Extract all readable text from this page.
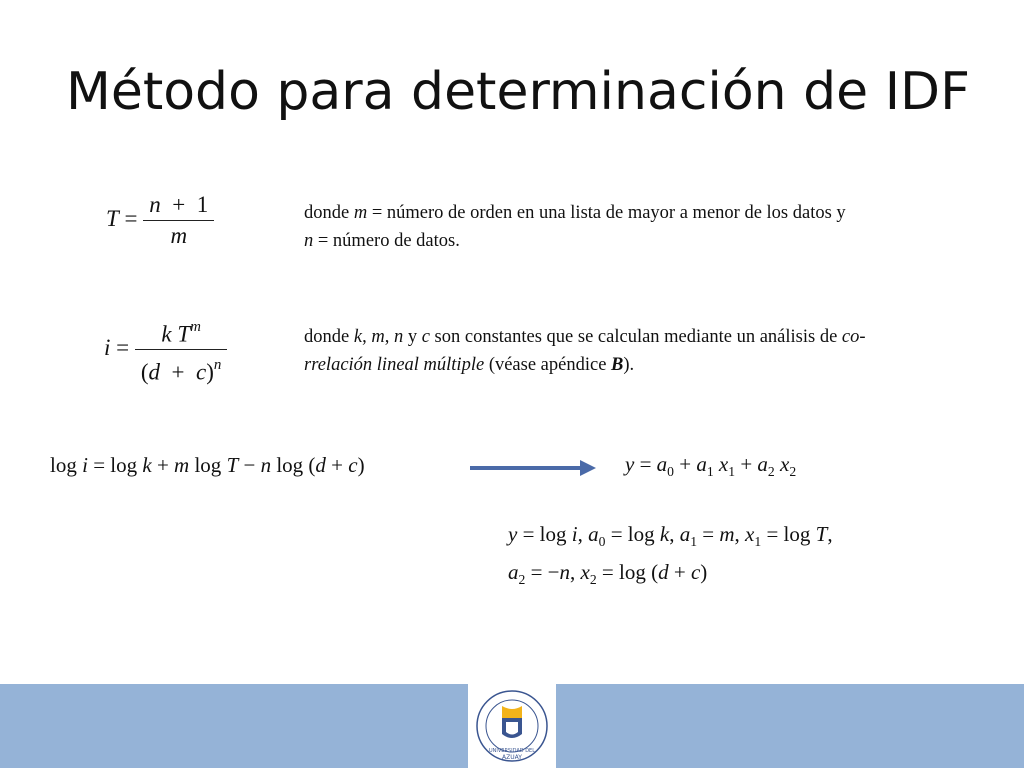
Método para determinación de IDF
$T = \frac{n + 1}{m}$	donde m = número de orden en una lista de mayor a menor de los datos y
n = número de datos.
$i = \frac{k T^m}{(d + c)^n}$	donde k, m, n y c son constantes que se calculan mediante un análisis de co-
rrelación lineal múltiple (véase apéndice B).
log i = log k + m log T − n log (d + c)	$y = a_0 + a_1$ $x_1 + a_2$ $x_2$
y = log i, $a_0 = \log k$, $a_1 = m$, $x_1 = \log T$,
$a_2 = -n$, $x_2 = \log (d + c)$
UNIVERSIDAD DEL
AZUAY
